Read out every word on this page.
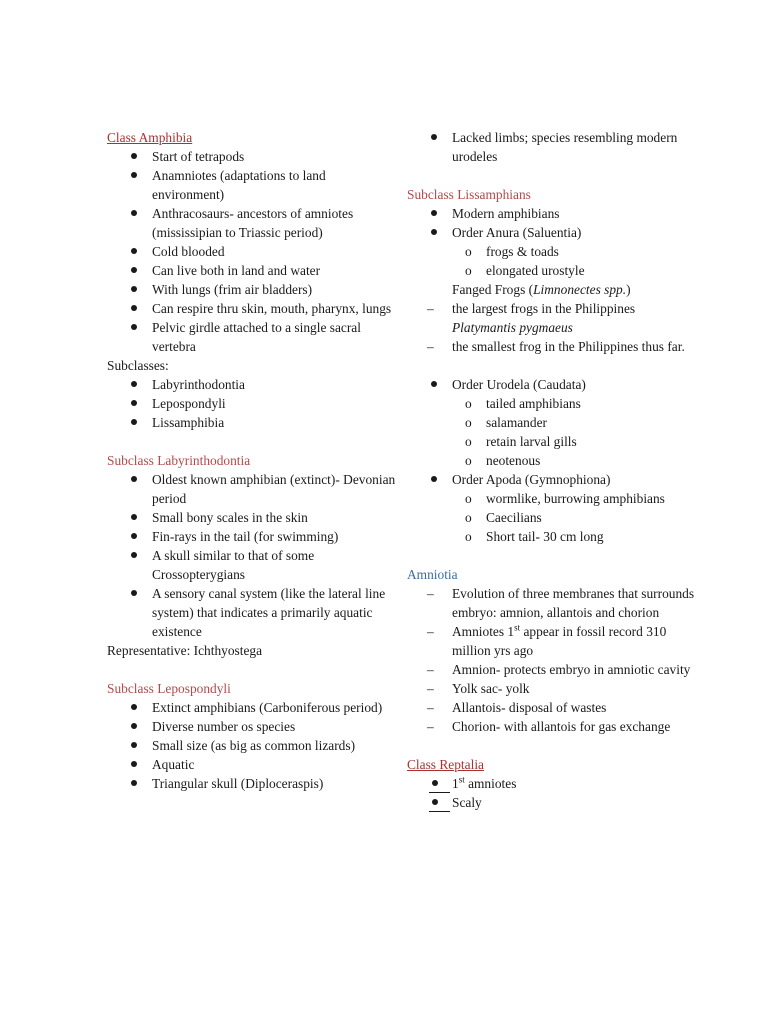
Class Amphibia

Start of tetrapods
Anamniotes (adaptations to land environment)
Anthracosaurs- ancestors of amniotes (mississipian to Triassic period)
Cold blooded
Can live both in land and water
With lungs (frim air bladders)
Can respire thru skin, mouth, pharynx, lungs
Pelvic girdle attached to a single sacral vertebra

Subclasses:

Labyrinthodontia
Lepospondyli
Lissamphibia

Subclass Labyrinthodontia

Oldest known amphibian (extinct)- Devonian period
Small bony scales in the skin
Fin-rays in the tail (for swimming)
A skull similar to that of some Crossopterygians
A sensory canal system (like the lateral line system) that indicates a primarily aquatic existence

Representative: Ichthyostega

Subclass Lepospondyli

Extinct amphibians (Carboniferous period)
Diverse number os species
Small size (as big as common lizards)
Aquatic
Triangular skull (Diploceraspis)
Lacked limbs; species resembling modern urodeles

Subclass Lissamphians

Modern amphibians
Order Anura (Saluentia)
o frogs & toads
o elongated urostyle

Fanged Frogs (Limnonectes spp.)

– the largest frogs in the Philippines
Platymantis pygmaeus
– the smallest frog in the Philippines thus far.
Order Urodela (Caudata)
o tailed amphibians
o salamander
o retain larval gills
o neotenous
Order Apoda (Gymnophiona)
o wormlike, burrowing amphibians
o Caecilians
o Short tail- 30 cm long

Amniotia

– Evolution of three membranes that surrounds embryo: amnion, allantois and chorion
– Amniotes 1st appear in fossil record 310 million yrs ago
– Amnion- protects embryo in amniotic cavity
– Yolk sac- yolk
– Allantois- disposal of wastes
– Chorion- with allantois for gas exchange

Class Reptalia

1st amniotes
Scaly
